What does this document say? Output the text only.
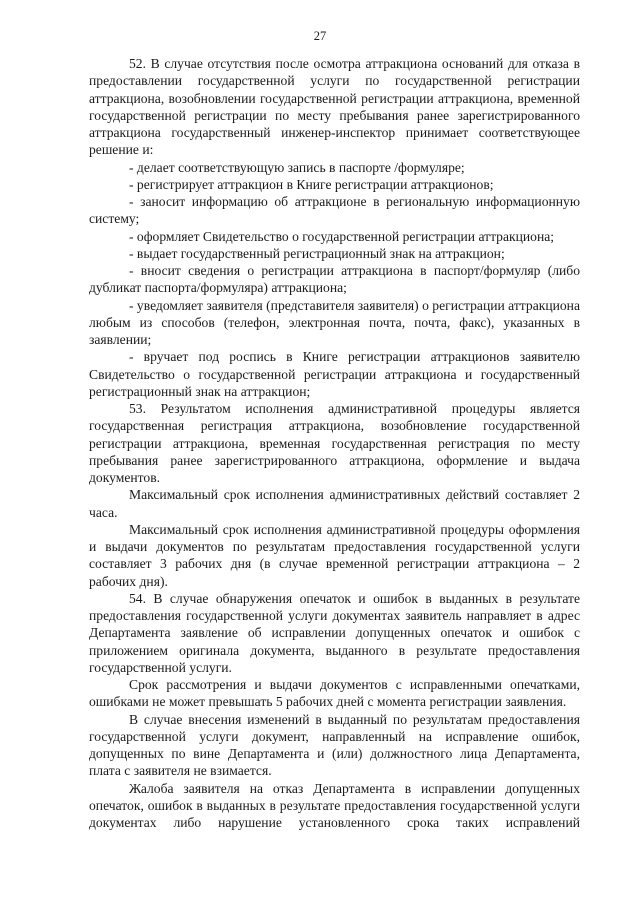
27

52. В случае отсутствия после осмотра аттракциона оснований для отказа в предоставлении государственной услуги по государственной регистрации аттракциона, возобновлении государственной регистрации аттракциона, временной государственной регистрации по месту пребывания ранее зарегистрированного аттракциона государственный инженер-инспектор принимает соответствующее решение и:

- делает соответствующую запись в паспорте /формуляре;

- регистрирует аттракцион в Книге регистрации аттракционов;

- заносит информацию об аттракционе в региональную информационную систему;

- оформляет Свидетельство о государственной регистрации аттракциона;

- выдает государственный регистрационный знак на аттракцион;

- вносит сведения о регистрации аттракциона в паспорт/формуляр (либо дубликат паспорта/формуляра) аттракциона;

- уведомляет заявителя (представителя заявителя) о регистрации аттракциона любым из способов (телефон, электронная почта, почта, факс), указанных в заявлении;

- вручает под роспись в Книге регистрации аттракционов заявителю Свидетельство о государственной регистрации аттракциона и государственный регистрационный знак на аттракцион;

53. Результатом исполнения административной процедуры является государственная регистрация аттракциона, возобновление государственной регистрации аттракциона, временная государственная регистрация по месту пребывания ранее зарегистрированного аттракциона, оформление и выдача документов.

Максимальный срок исполнения административных действий составляет 2 часа.

Максимальный срок исполнения административной процедуры оформления и выдачи документов по результатам предоставления государственной услуги составляет 3 рабочих дня (в случае временной регистрации аттракциона – 2 рабочих дня).

54. В случае обнаружения опечаток и ошибок в выданных в результате предоставления государственной услуги документах заявитель направляет в адрес Департамента заявление об исправлении допущенных опечаток и ошибок с приложением оригинала документа, выданного в результате предоставления государственной услуги.

Срок рассмотрения и выдачи документов с исправленными опечатками, ошибками не может превышать 5 рабочих дней с момента регистрации заявления.

В случае внесения изменений в выданный по результатам предоставления государственной услуги документ, направленный на исправление ошибок, допущенных по вине Департамента и (или) должностного лица Департамента, плата с заявителя не взимается.

Жалоба заявителя на отказ Департамента в исправлении допущенных опечаток, ошибок в выданных в результате предоставления государственной услуги документах либо нарушение установленного срока таких исправлений
